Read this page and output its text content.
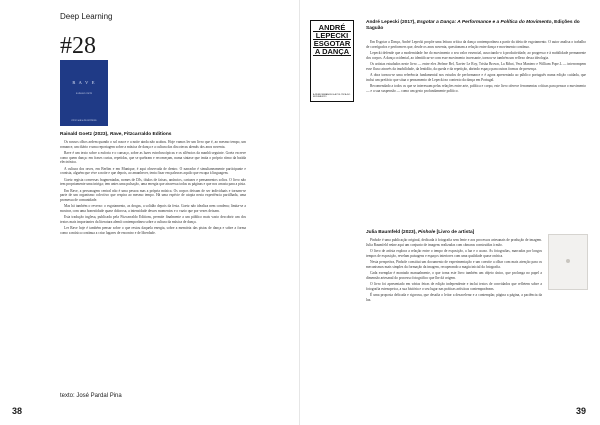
Deep Learning
#28
R A V E
RAINALD GOETZ
FITZCARRALDO EDITIONS
Rainald Goetz (2023), Rave, Fitzcarraldo Editions

Os nossos olhos ardem quando o sol nasce e a noite ainda não acabou. Hoje vamos ler um livro que é, ao mesmo tempo, um romance, um diário e uma reportagem sobre a música de dança e a cultura das discotecas alemãs dos anos noventa.

Rave é um texto sobre a euforia e o cansaço, sobre as luzes estroboscópicas e os silêncios da manhã seguinte. Goetz escreve como quem dança: em frases curtas, repetidas, que se quebram e recomeçam, numa sintaxe que imita o próprio ritmo da batida electrónica.

A cultura dos raves, em Berlim e em Munique, é aqui observada de dentro. O narrador é simultaneamente participante e cronista, alguém que vive a noite e que depois, ao amanhecer, tenta fixar em palavras aquilo que escapa à linguagem.

Goetz regista conversas fragmentadas, nomes de DJs, títulos de faixas, anúncios, cartazes e pensamentos soltos. O livro não tem propriamente uma intriga; tem antes uma pulsação, uma energia que atravessa todas as páginas e que nos arrasta para a pista.

Em Rave, a personagem central não é uma pessoa mas a própria música. Os corpos deixam de ser individuais e tornam-se parte de um organismo colectivo que respira ao mesmo tempo. Há uma espécie de utopia nesta experiência partilhada, uma promessa de comunidade.

Mas há também o reverso: o esgotamento, as drogas, a solidão depois da festa. Goetz não idealiza nem condena; limita-se a mostrar, com uma honestidade quase dolorosa, a intensidade desses momentos e o vazio que por vezes deixam.

Esta tradução inglesa, publicada pela Fitzcarraldo Editions, permite finalmente a um público mais vasto descobrir um dos textos mais importantes da literatura alemã contemporânea sobre a cultura da música de dança.

Ler Rave hoje é também pensar sobre o que restou daquela energia, sobre a memória das pistas de dança e sobre a forma como a música continua a criar lugares de encontro e de liberdade.

texto: José Pardal Pina
38
ANDRÉ
LEPECKI
ESGOTAR
A DANÇA
A PERFORMANCE E A POLÍTICA DO MOVIMENTO
André Lepecki (2017), Esgotar a Dança: A Performance e a Política do Movimento, Edições do Saguão

Em Esgotar a Dança, André Lepecki propõe uma leitura crítica da dança contemporânea a partir da ideia de esgotamento. O autor analisa o trabalho de coreógrafos e performers que, desde os anos noventa, questionam a relação entre dança e movimento contínuo.

Lepecki defende que a modernidade fez do movimento o seu valor essencial, associando-o à produtividade, ao progresso e à mobilidade permanente dos corpos. A dança ocidental, ao identificar-se com esse movimento incessante, tornou-se também um reflexo dessa ideologia.

Os artistas estudados neste livro — entre eles Jérôme Bel, Xavier Le Roy, Trisha Brown, La Ribot, Vera Mantero e William Pope.L — interrompem esse fluxo através da imobilidade, da lentidão, da queda e da repetição, abrindo espaço para outras formas de presença.

A obra tornou-se uma referência fundamental nos estudos de performance e é agora apresentada ao público português numa edição cuidada, que inclui um prefácio que situa o pensamento de Lepecki no contexto da dança em Portugal.

Recomendado a todos os que se interessam pelas relações entre arte, política e corpo, este livro oferece ferramentas críticas para pensar o movimento — e a sua suspensão — como um gesto profundamente político.

Julia Baumfeld (2023), Pinhole [Livro de artista]

Pinhole é uma publicação original, dedicada à fotografia sem lente e aos processos artesanais de produção de imagem. Julia Baumfeld reúne aqui um conjunto de imagens realizadas com câmaras construídas à mão.

O livro de artista explora a relação entre o tempo de exposição, a luz e o acaso. As fotografias, marcadas por longos tempos de exposição, revelam paisagens e espaços interiores com uma qualidade quase onírica.

Nesta perspetiva, Pinhole constitui um documento de experimentação e um convite a olhar com mais atenção para os mecanismos mais simples da formação da imagem, recuperando a magia inicial da fotografia.

Cada exemplar é montado manualmente, o que torna este livro também um objeto único, que prolonga no papel a dimensão artesanal do processo fotográfico que lhe dá origem.

O livro foi apresentado em várias feiras de edição independente e inclui textos de convidados que refletem sobre a fotografia estenopeica, a sua história e o seu lugar nas práticas artísticas contemporâneas.

É uma proposta delicada e rigorosa, que desafia o leitor a desacelerar e a contemplar, página a página, a paciência da luz.

39
